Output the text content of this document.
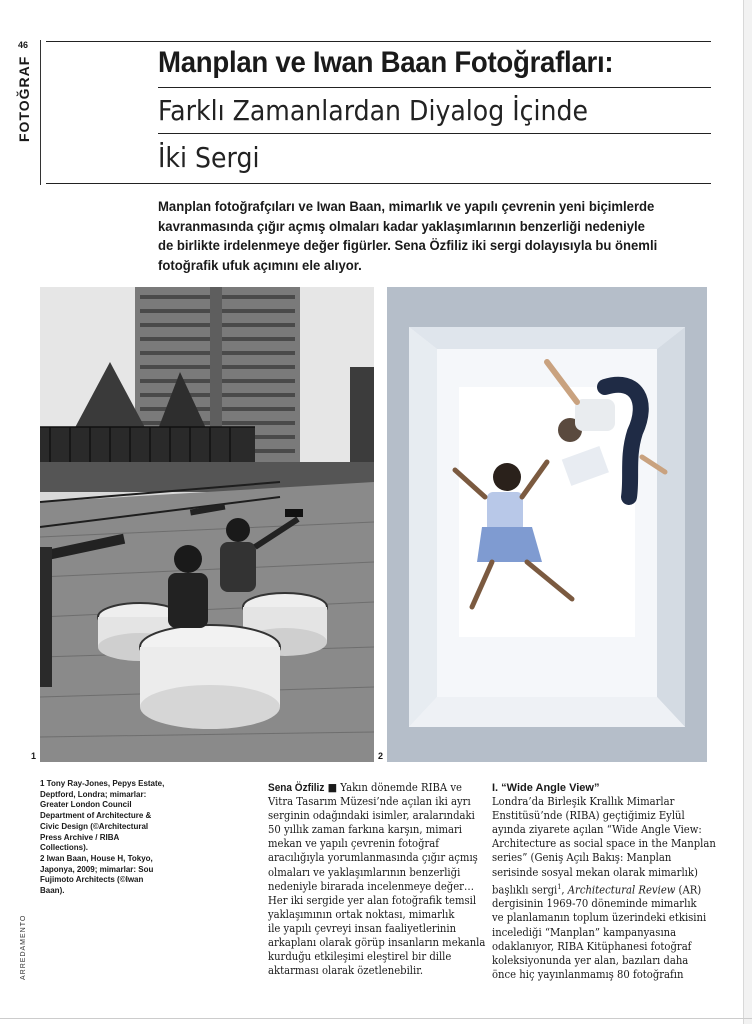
46
FOTOĞRAF	Manplan ve Iwan Baan Fotoğrafları:
Farklı Zamanlardan Diyalog İçinde
İki Sergi
Manplan fotoğrafçıları ve Iwan Baan, mimarlık ve yapılı çevrenin yeni biçimlerde
kavranmasında çığır açmış olmaları kadar yaklaşımlarının benzerliği nedeniyle
de birlikte irdelenmeye değer figürler. Sena Özfiliz iki sergi dolayısıyla bu önemli
fotoğrafik ufuk açımını ele alıyor.
1	2
1 Tony Ray-Jones, Pepys Estate,
Deptford, Londra; mimarlar:
Greater London Council
Department of Architecture &
Civic Design (©Architectural
Press Archive / RIBA
Collections).
2 Iwan Baan, House H, Tokyo,
Japonya, 2009; mimarlar: Sou
Fujimoto Architects (©Iwan
Baan).
ARREDAMENTO
Sena Özfiliz ■ Yakın dönemde RIBA ve
Vitra Tasarım Müzesi’nde açılan iki ayrı
serginin odağındaki isimler, aralarındaki
50 yıllık zaman farkına karşın, mimari
mekan ve yapılı çevrenin fotoğraf
aracılığıyla yorumlanmasında çığır açmış
olmaları ve yaklaşımlarının benzerliği
nedeniyle birarada incelenmeye değer…
Her iki sergide yer alan fotoğrafik temsil
yaklaşımının ortak noktası, mimarlık
ile yapılı çevreyi insan faaliyetlerinin
arkaplanı olarak görüp insanların mekanla
kurduğu etkileşimi eleştirel bir dille
aktarması olarak özetlenebilir.
I. “Wide Angle View”
Londra’da Birleşik Krallık Mimarlar
Enstitüsü’nde (RIBA) geçtiğimiz Eylül
ayında ziyarete açılan “Wide Angle View:
Architecture as social space in the Manplan
series” (Geniş Açılı Bakış: Manplan
serisinde sosyal mekan olarak mimarlık)
başlıklı sergi$^1$, Architectural Review (AR)
dergisinin 1969-70 döneminde mimarlık
ve planlamanın toplum üzerindeki etkisini
incelediği “Manplan” kampanyasına
odaklanıyor, RIBA Kitüphanesi fotoğraf
koleksiyonunda yer alan, bazıları daha
önce hiç yayınlanmamış 80 fotoğrafın
